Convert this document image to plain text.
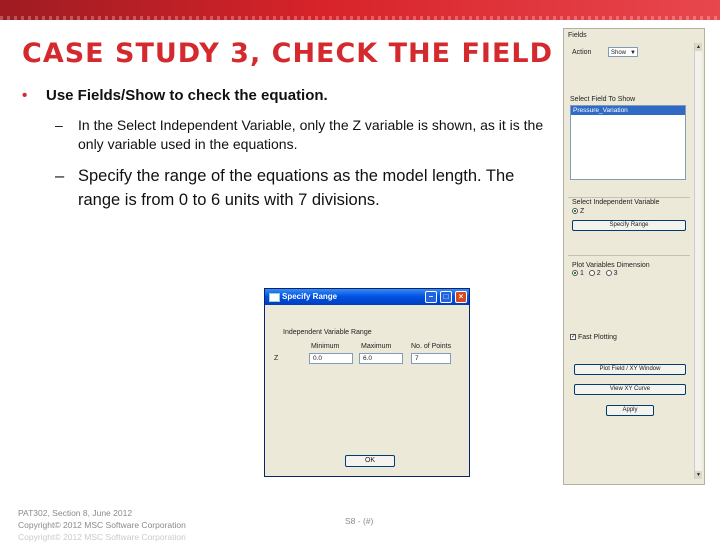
CASE STUDY 3, CHECK THE FIELD
• Use Fields/Show to check the equation.
– In the Select Independent Variable, only the Z variable is shown, as it is the only variable used in the equations.
– Specify the range of the equations as the model length. The range is from 0 to 6 units with 7 divisions.
Fields
▲
▼
Action	Show ▼
Select Field To Show
Pressure_Variation
Select Independent Variable
Z
Specify Range
Plot Variables Dimension
1 2 3
✓ Fast Plotting
Plot Field / XY Window
View XY Curve
Apply
Specify Range	–	□	×
Independent Variable Range
Minimum	Maximum	No. of Points
Z	0.0	6.0	7
OK
PAT302, Section 8, June 2012
Copyright© 2012 MSC Software Corporation
Copyright© 2012 MSC Software Corporation
S8 - (#)
